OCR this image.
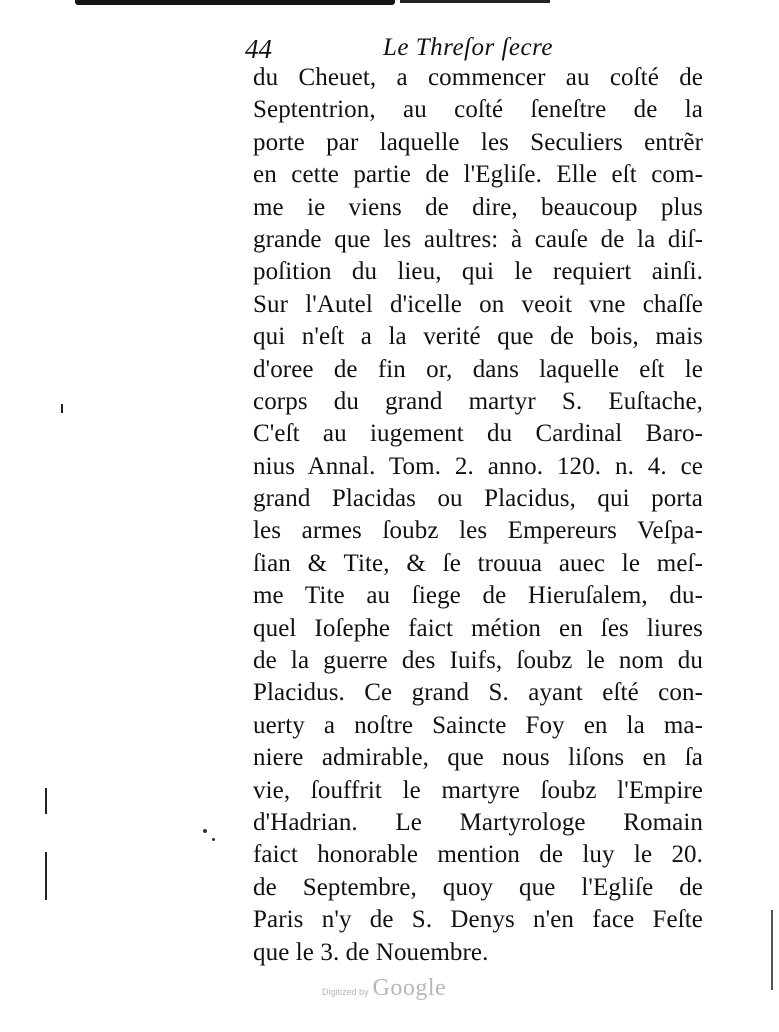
44	Le Threſor ſecre
du Cheuet, a commencer au coſté de
Septentrion, au coſté ſeneſtre de la
porte par laquelle les Seculiers entrẽr
en cette partie de l'Egliſe. Elle eſt com-
me ie viens de dire, beaucoup plus
grande que les aultres: à cauſe de la diſ-
poſition du lieu, qui le requiert ainſi.
Sur l'Autel d'icelle on veoit vne chaſſe
qui n'eſt a la verité que de bois, mais
d'oree de fin or, dans laquelle eſt le
corps du grand martyr S. Euſtache,
C'eſt au iugement du Cardinal Baro-
nius Annal. Tom. 2. anno. 120. n. 4. ce
grand Placidas ou Placidus, qui porta
les armes ſoubz les Empereurs Veſpa-
ſian & Tite, & ſe trouua auec le meſ-
me Tite au ſiege de Hieruſalem, du-
quel Ioſephe faict métion en ſes liures
de la guerre des Iuifs, ſoubz le nom du
Placidus. Ce grand S. ayant eſté con-
uerty a noſtre Saincte Foy en la ma-
niere admirable, que nous liſons en ſa
vie, ſouffrit le martyre ſoubz l'Empire
d'Hadrian. Le Martyrologe Romain
faict honorable mention de luy le 20.
de Septembre, quoy que l'Egliſe de
Paris n'y de S. Denys n'en face Feſte
que le 3. de Nouembre.
Digitized by Google
